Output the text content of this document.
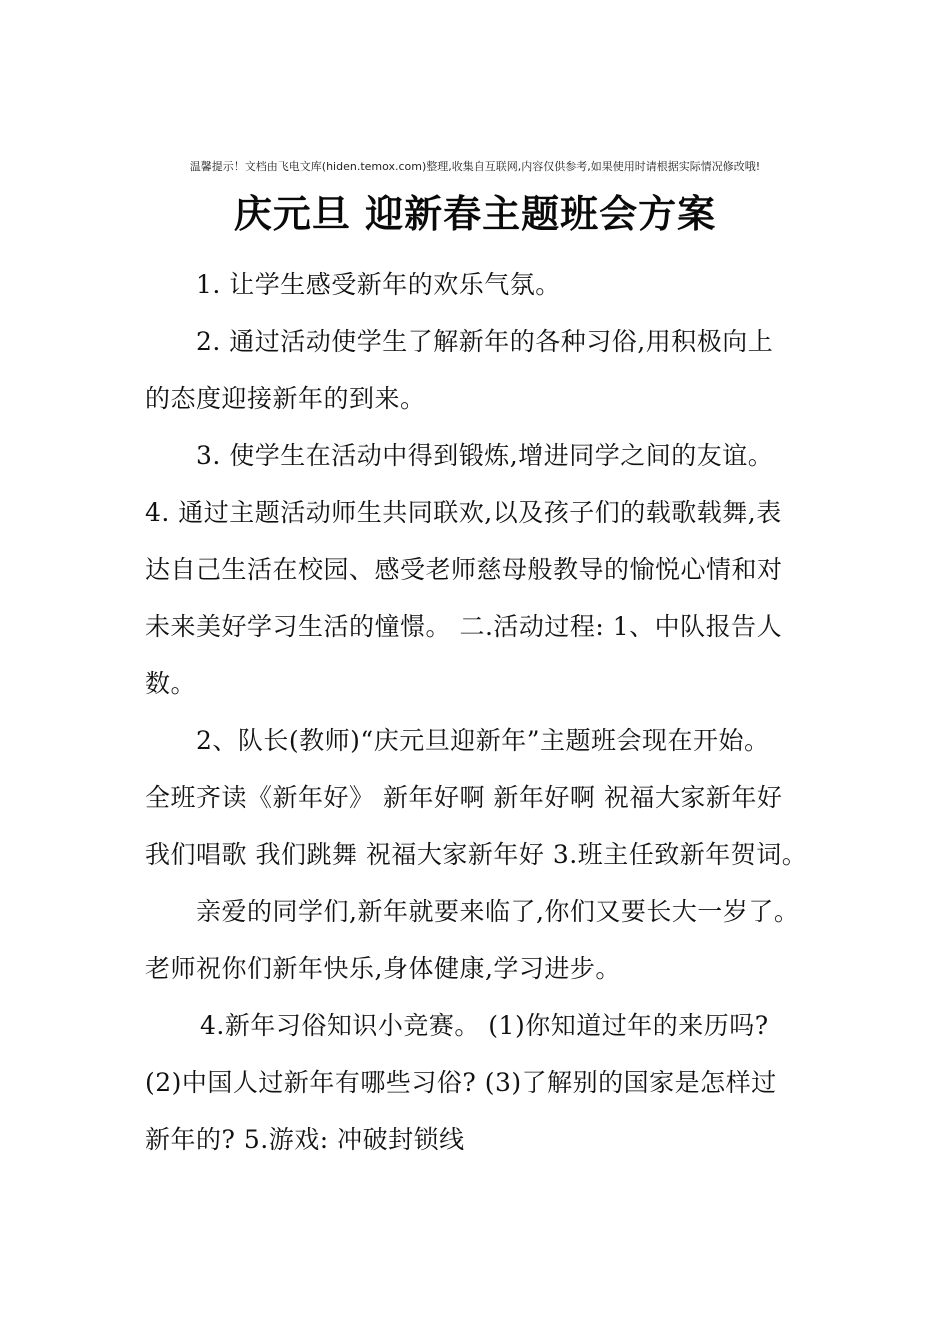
温馨提示！文档由飞电文库(hiden.temox.com)整理,收集自互联网,内容仅供参考,如果使用时请根据实际情况修改哦!
庆元旦 迎新春主题班会方案
1. 让学生感受新年的欢乐气氛。
2. 通过活动使学生了解新年的各种习俗,用积极向上
的态度迎接新年的到来。
3. 使学生在活动中得到锻炼,增进同学之间的友谊。
4. 通过主题活动师生共同联欢,以及孩子们的载歌载舞,表
达自己生活在校园、感受老师慈母般教导的愉悦心情和对
未来美好学习生活的憧憬。 二.活动过程: 1、中队报告人
数。
2、队长(教师)“庆元旦迎新年”主题班会现在开始。
全班齐读《新年好》 新年好啊 新年好啊 祝福大家新年好
我们唱歌 我们跳舞 祝福大家新年好 3.班主任致新年贺词。
亲爱的同学们,新年就要来临了,你们又要长大一岁了。
老师祝你们新年快乐,身体健康,学习进步。
4.新年习俗知识小竞赛。 (1)你知道过年的来历吗?
(2)中国人过新年有哪些习俗? (3)了解别的国家是怎样过
新年的? 5.游戏: 冲破封锁线
